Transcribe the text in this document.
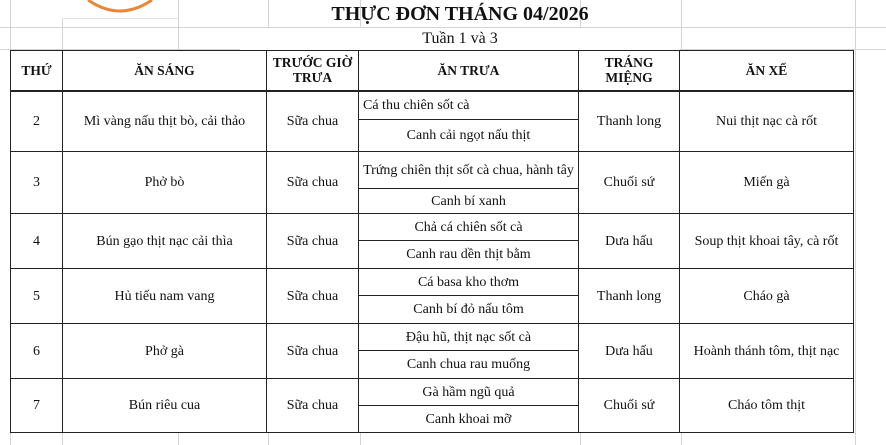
THỰC ĐƠN THÁNG 04/2026
Tuần 1 và 3
THỨ	ĂN SÁNG	TRƯỚC GIỜ TRƯA	ĂN TRƯA	TRÁNG MIỆNG	ĂN XẾ
2	Mì vàng nấu thịt bò, cải thảo	Sữa chua	Cá thu chiên sốt cà	Thanh long	Nui thịt nạc cà rốt
			Canh cải ngọt nấu thịt		
3	Phở bò	Sữa chua	Trứng chiên thịt sốt cà chua, hành tây	Chuối sứ	Miến gà
			Canh bí xanh		
4	Bún gạo thịt nạc cải thìa	Sữa chua	Chả cá chiên sốt cà	Dưa hấu	Soup thịt khoai tây, cà rốt
			Canh rau dền thịt bằm		
5	Hủ tiếu nam vang	Sữa chua	Cá basa kho thơm	Thanh long	Cháo gà
			Canh bí đỏ nấu tôm		
6	Phở gà	Sữa chua	Đậu hũ, thịt nạc sốt cà	Dưa hấu	Hoành thánh tôm, thịt nạc
			Canh chua rau muống		
7	Bún riêu cua	Sữa chua	Gà hầm ngũ quả	Chuối sứ	Cháo tôm thịt
			Canh khoai mỡ		
